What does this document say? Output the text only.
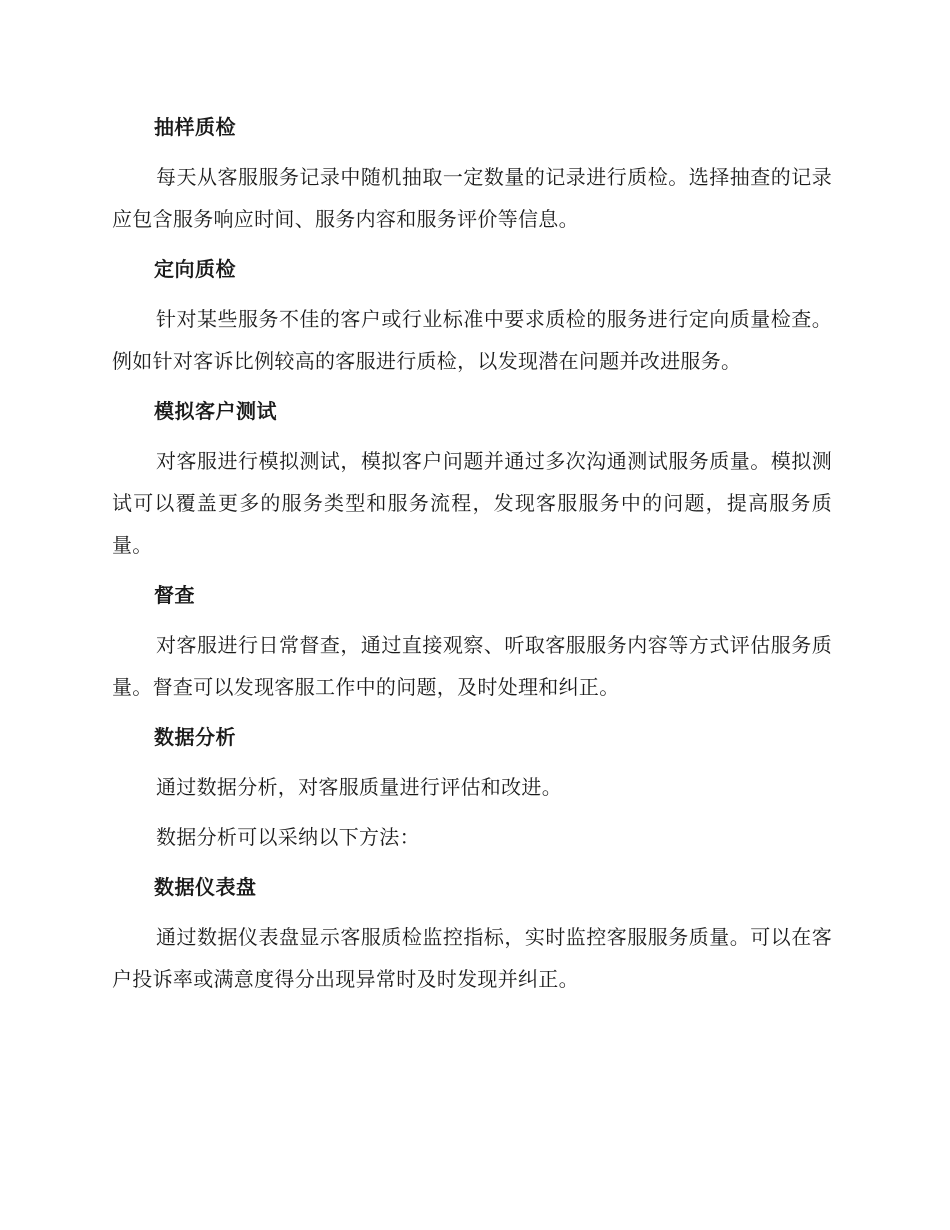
抽样质检

每天从客服服务记录中随机抽取一定数量的记录进行质检。选择抽查的记录应包含服务响应时间、服务内容和服务评价等信息。

定向质检

针对某些服务不佳的客户或行业标准中要求质检的服务进行定向质量检查。例如针对客诉比例较高的客服进行质检，以发现潜在问题并改进服务。

模拟客户测试

对客服进行模拟测试，模拟客户问题并通过多次沟通测试服务质量。模拟测试可以覆盖更多的服务类型和服务流程，发现客服服务中的问题，提高服务质量。

督查

对客服进行日常督查，通过直接观察、听取客服服务内容等方式评估服务质量。督查可以发现客服工作中的问题，及时处理和纠正。

数据分析

通过数据分析，对客服质量进行评估和改进。

数据分析可以采纳以下方法：

数据仪表盘

通过数据仪表盘显示客服质检监控指标，实时监控客服服务质量。可以在客户投诉率或满意度得分出现异常时及时发现并纠正。
